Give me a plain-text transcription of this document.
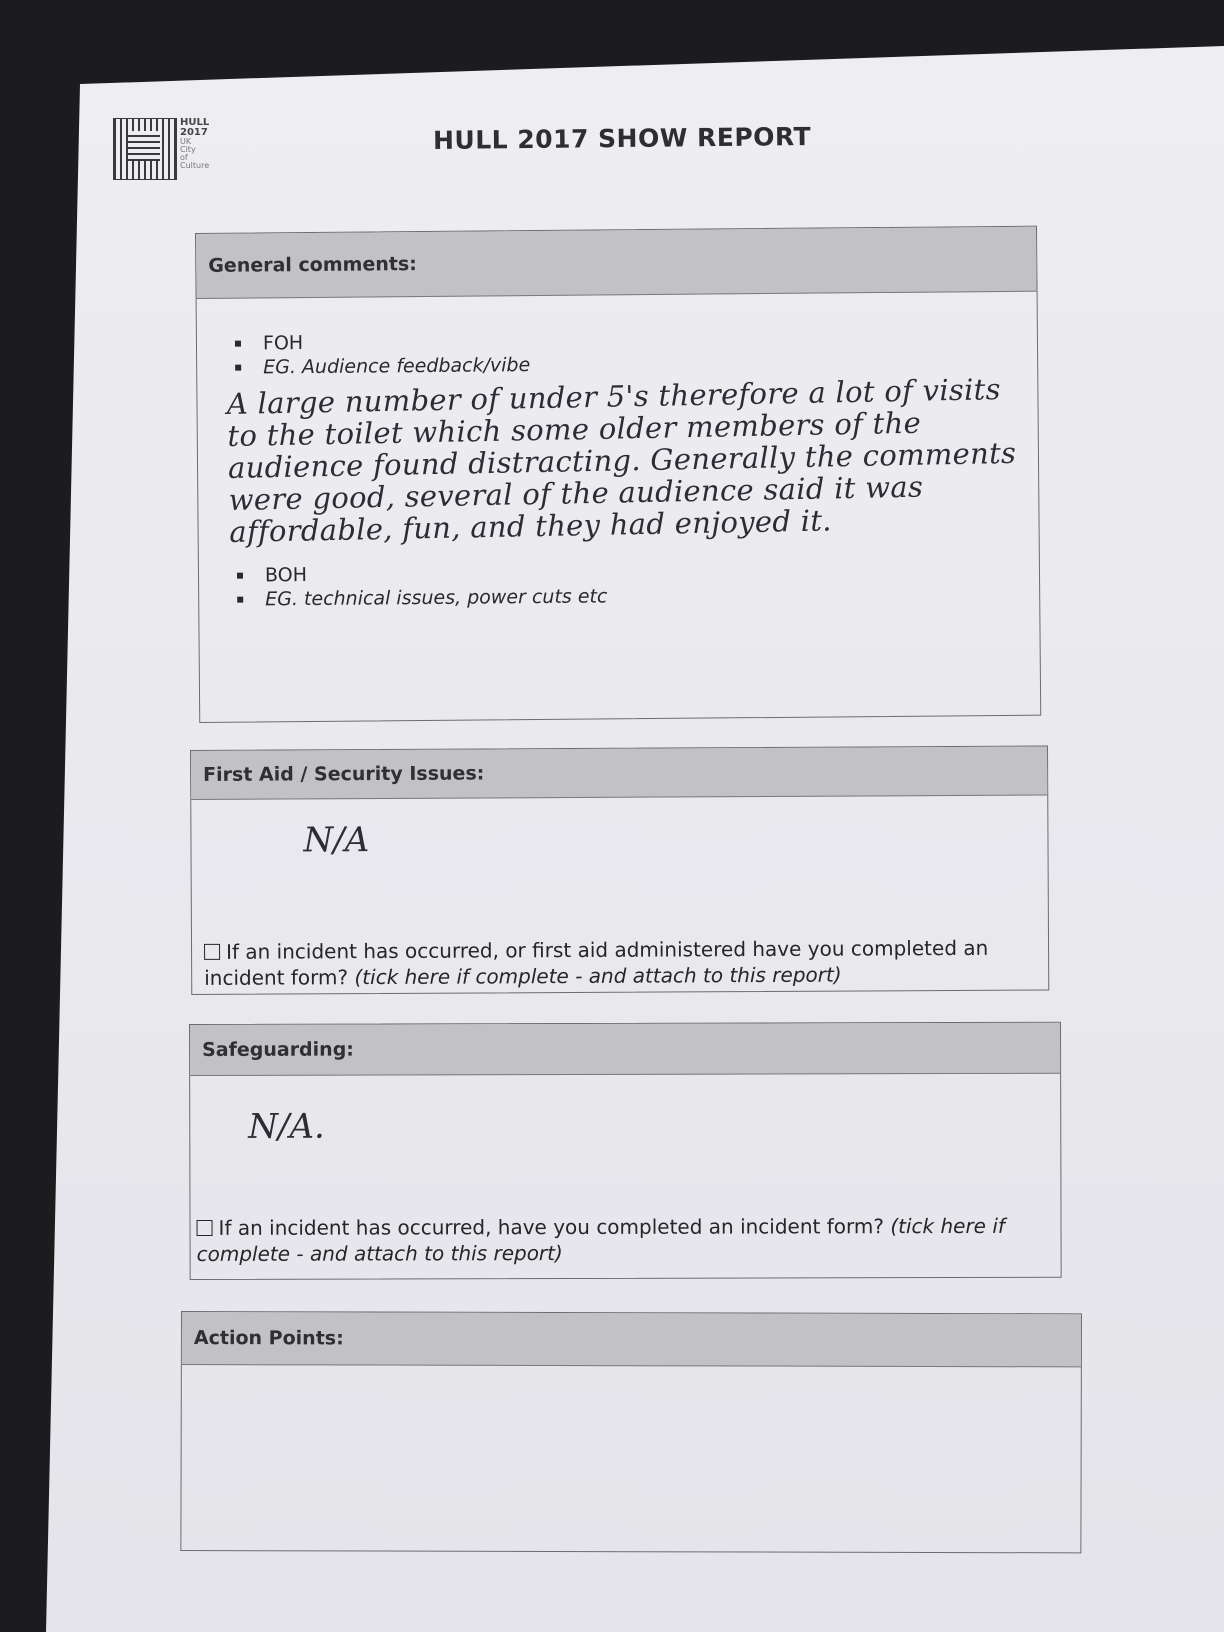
HULL
2017
UK
City
of
Culture
HULL 2017 SHOW REPORT
General comments:
FOH
EG. Audience feedback/vibe
A large number of under 5's therefore a lot of visits to the toilet which some older members of the audience found distracting. Generally the comments were good, several of the audience said it was affordable, fun, and they had enjoyed it.
BOH
EG. technical issues, power cuts etc
First Aid / Security Issues:
N/A
If an incident has occurred, or first aid administered have you completed an incident form? (tick here if complete - and attach to this report)
Safeguarding:
N/A.
If an incident has occurred, have you completed an incident form? (tick here if complete - and attach to this report)
Action Points:
